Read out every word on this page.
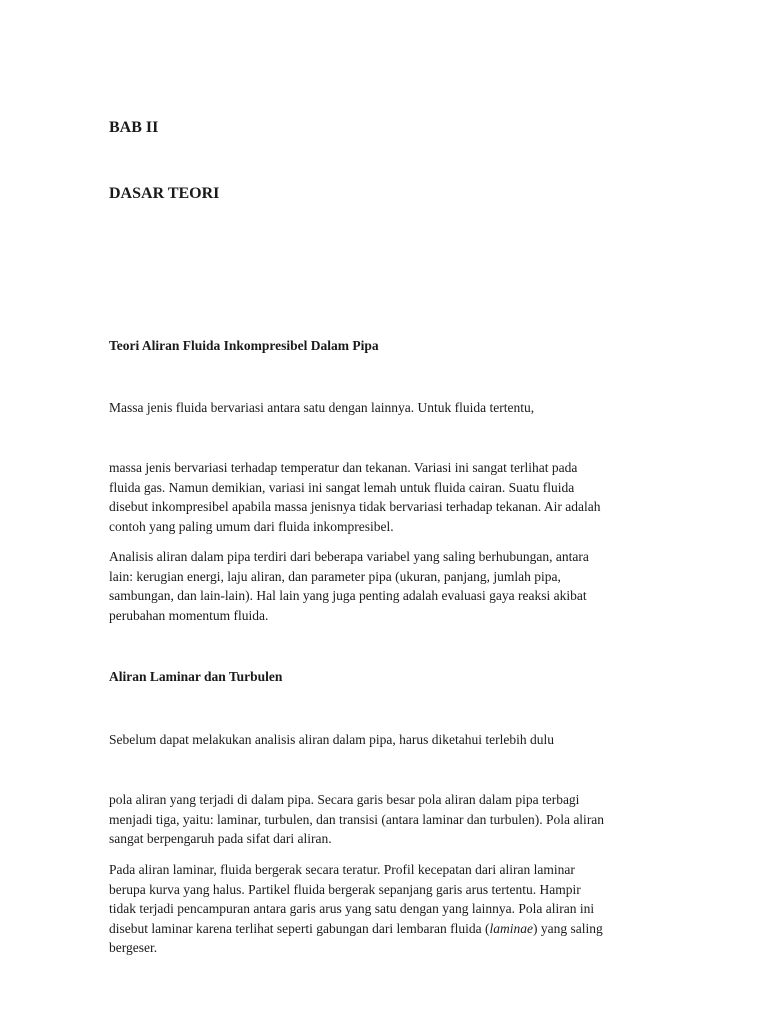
BAB II
DASAR TEORI
Teori Aliran Fluida Inkompresibel Dalam Pipa
Massa jenis fluida bervariasi antara satu dengan lainnya. Untuk fluida tertentu,
massa jenis bervariasi terhadap temperatur dan tekanan. Variasi ini sangat terlihat pada
fluida gas. Namun demikian, variasi ini sangat lemah untuk fluida cairan. Suatu fluida
disebut inkompresibel apabila massa jenisnya tidak bervariasi terhadap tekanan. Air adalah
contoh yang paling umum dari fluida inkompresibel.
Analisis aliran dalam pipa terdiri dari beberapa variabel yang saling berhubungan, antara
lain: kerugian energi, laju aliran, dan parameter pipa (ukuran, panjang, jumlah pipa,
sambungan, dan lain-lain). Hal lain yang juga penting adalah evaluasi gaya reaksi akibat
perubahan momentum fluida.
Aliran Laminar dan Turbulen
Sebelum dapat melakukan analisis aliran dalam pipa, harus diketahui terlebih dulu
pola aliran yang terjadi di dalam pipa. Secara garis besar pola aliran dalam pipa terbagi
menjadi tiga, yaitu: laminar, turbulen, dan transisi (antara laminar dan turbulen). Pola aliran
sangat berpengaruh pada sifat dari aliran.
Pada aliran laminar, fluida bergerak secara teratur. Profil kecepatan dari aliran laminar
berupa kurva yang halus. Partikel fluida bergerak sepanjang garis arus tertentu. Hampir
tidak terjadi pencampuran antara garis arus yang satu dengan yang lainnya. Pola aliran ini
disebut laminar karena terlihat seperti gabungan dari lembaran fluida (laminae) yang saling
bergeser.
